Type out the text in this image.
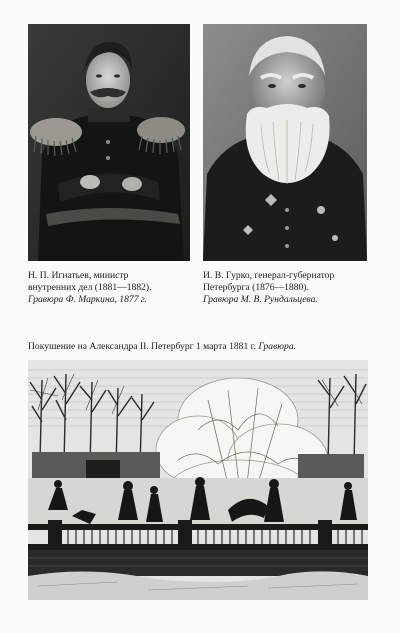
Н. П. Игнатьев, министр
внутренних дел (1881—1882).
Гравюра Ф. Маркина, 1877 г.
И. В. Гурко, генерал-губернатор
Петербурга (1876—1880).
Гравюра М. В. Рундальцева.
Покушение на Александра II. Петербург 1 марта 1881 г. Гравюра.
